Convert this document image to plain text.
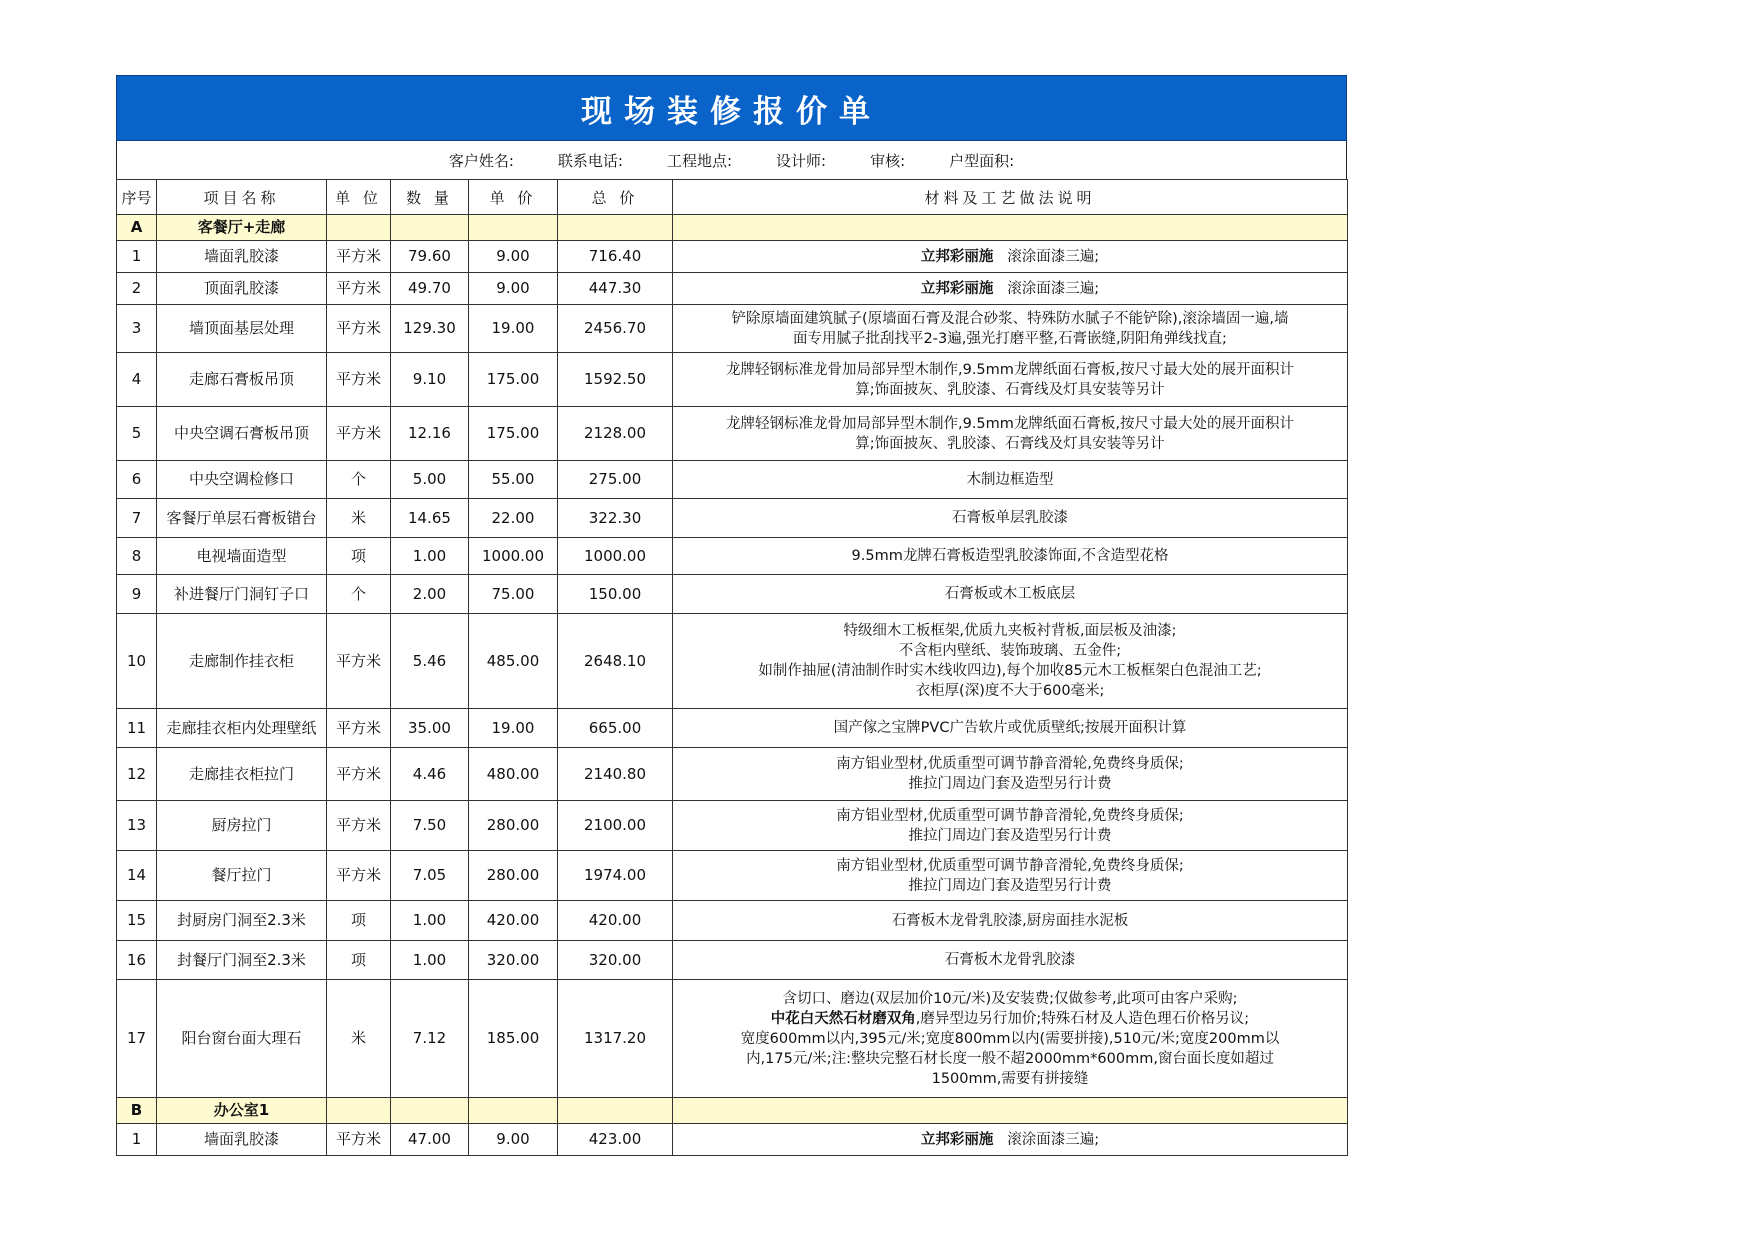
现场装修报价单
客户姓名:	联系电话:	工程地点:	设计师:	审核:	户型面积:
序号	项目名称	单 位	数 量	单 价	总 价	材料及工艺做法说明
A	客餐厅+走廊					
1	墙面乳胶漆	平方米	79.60	9.00	716.40	立邦彩丽施   滚涂面漆三遍;

2	顶面乳胶漆	平方米	49.70	9.00	447.30	立邦彩丽施   滚涂面漆三遍;

3	墙顶面基层处理	平方米	129.30	19.00	2456.70	铲除原墙面建筑腻子(原墙面石膏及混合砂浆、特殊防水腻子不能铲除),滚涂墙固一遍,墙
面专用腻子批刮找平2-3遍,强光打磨平整,石膏嵌缝,阴阳角弹线找直;

4	走廊石膏板吊顶	平方米	9.10	175.00	1592.50	龙牌轻钢标准龙骨加局部异型木制作,9.5mm龙牌纸面石膏板,按尺寸最大处的展开面积计
算;饰面披灰、乳胶漆、石膏线及灯具安装等另计

5	中央空调石膏板吊顶	平方米	12.16	175.00	2128.00	龙牌轻钢标准龙骨加局部异型木制作,9.5mm龙牌纸面石膏板,按尺寸最大处的展开面积计
算;饰面披灰、乳胶漆、石膏线及灯具安装等另计

6	中央空调检修口	个	5.00	55.00	275.00	木制边框造型

7	客餐厅单层石膏板错台	米	14.65	22.00	322.30	石膏板单层乳胶漆

8	电视墙面造型	项	1.00	1000.00	1000.00	9.5mm龙牌石膏板造型乳胶漆饰面,不含造型花格

9	补进餐厅门洞钉子口	个	2.00	75.00	150.00	石膏板或木工板底层

10	走廊制作挂衣柜	平方米	5.46	485.00	2648.10	特级细木工板框架,优质九夹板衬背板,面层板及油漆;
不含柜内壁纸、装饰玻璃、五金件;
如制作抽屉(清油制作时实木线收四边),每个加收85元木工板框架白色混油工艺;
衣柜厚(深)度不大于600毫米;

11	走廊挂衣柜内处理壁纸	平方米	35.00	19.00	665.00	国产傢之宝牌PVC广告软片或优质壁纸;按展开面积计算

12	走廊挂衣柜拉门	平方米	4.46	480.00	2140.80	南方铝业型材,优质重型可调节静音滑轮,免费终身质保;
推拉门周边门套及造型另行计费

13	厨房拉门	平方米	7.50	280.00	2100.00	南方铝业型材,优质重型可调节静音滑轮,免费终身质保;
推拉门周边门套及造型另行计费

14	餐厅拉门	平方米	7.05	280.00	1974.00	南方铝业型材,优质重型可调节静音滑轮,免费终身质保;
推拉门周边门套及造型另行计费

15	封厨房门洞至2.3米	项	1.00	420.00	420.00	石膏板木龙骨乳胶漆,厨房面挂水泥板

16	封餐厅门洞至2.3米	项	1.00	320.00	320.00	石膏板木龙骨乳胶漆

17	阳台窗台面大理石	米	7.12	185.00	1317.20	含切口、磨边(双层加价10元/米)及安装费;仅做参考,此项可由客户采购;
中花白天然石材磨双角,磨异型边另行加价;特殊石材及人造色理石价格另议;
宽度600mm以内,395元/米;宽度800mm以内(需要拼接),510元/米;宽度200mm以
内,175元/米;注:整块完整石材长度一般不超2000mm*600mm,窗台面长度如超过
1500mm,需要有拼接缝

B	办公室1					
1	墙面乳胶漆	平方米	47.00	9.00	423.00	立邦彩丽施   滚涂面漆三遍;
